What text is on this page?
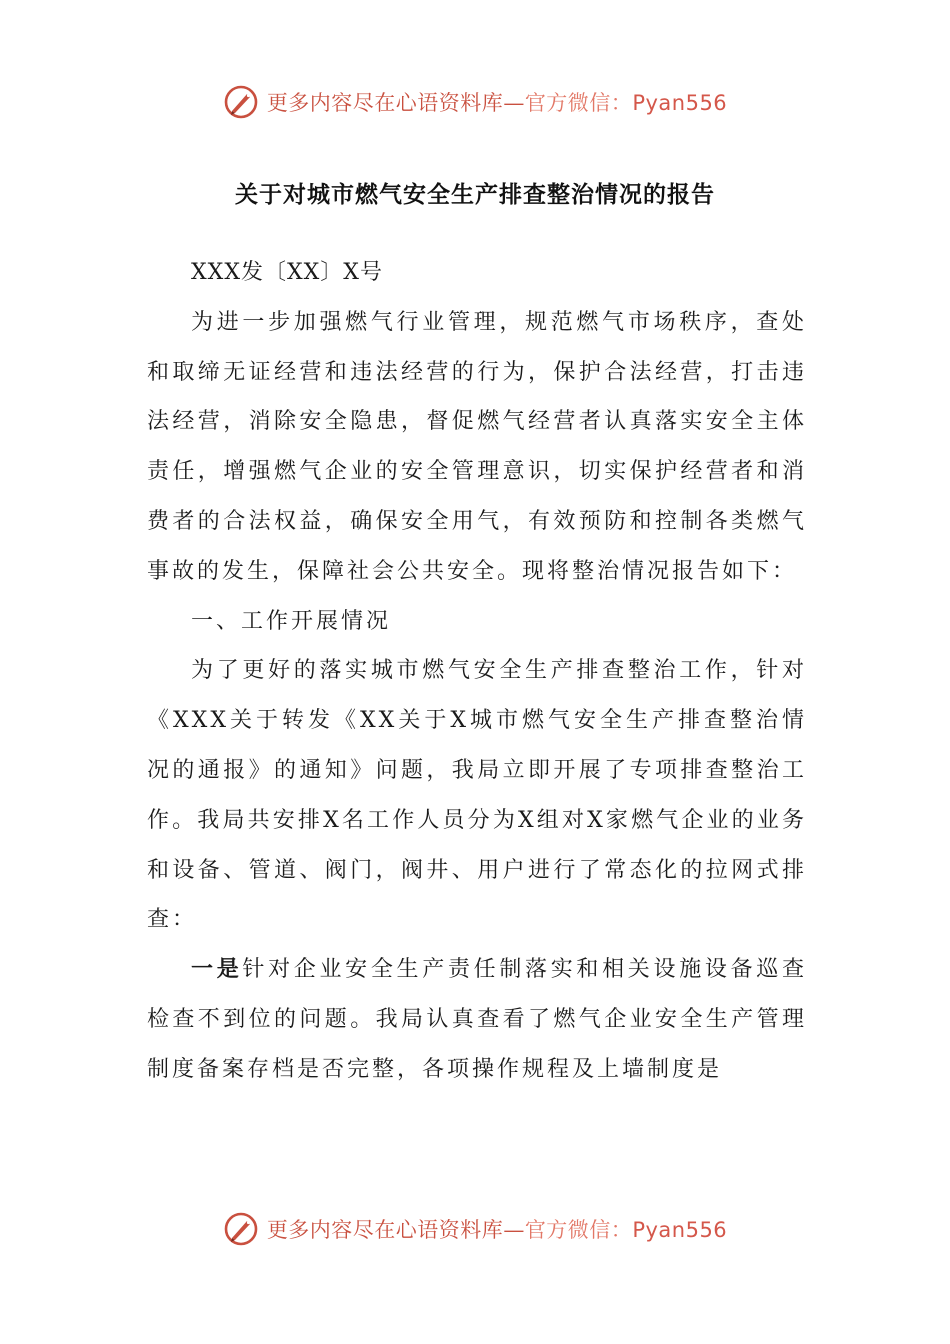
更多内容尽在心语资料库—官方微信：Pyan556
关于对城市燃气安全生产排查整治情况的报告

XXX发〔XX〕X号

为进一步加强燃气行业管理，规范燃气市场秩序，查处和取缔无证经营和违法经营的行为，保护合法经营，打击违法经营，消除安全隐患，督促燃气经营者认真落实安全主体责任，增强燃气企业的安全管理意识，切实保护经营者和消费者的合法权益，确保安全用气，有效预防和控制各类燃气事故的发生，保障社会公共安全。现将整治情况报告如下：

一、工作开展情况

为了更好的落实城市燃气安全生产排查整治工作，针对《XXX关于转发《XX关于X城市燃气安全生产排查整治情况的通报》的通知》问题，我局立即开展了专项排查整治工作。我局共安排X名工作人员分为X组对X家燃气企业的业务和设备、管道、阀门，阀井、用户进行了常态化的拉网式排查：

一是针对企业安全生产责任制落实和相关设施设备巡查检查不到位的问题。我局认真查看了燃气企业安全生产管理制度备案存档是否完整，各项操作规程及上墙制度是

更多内容尽在心语资料库—官方微信：Pyan556
